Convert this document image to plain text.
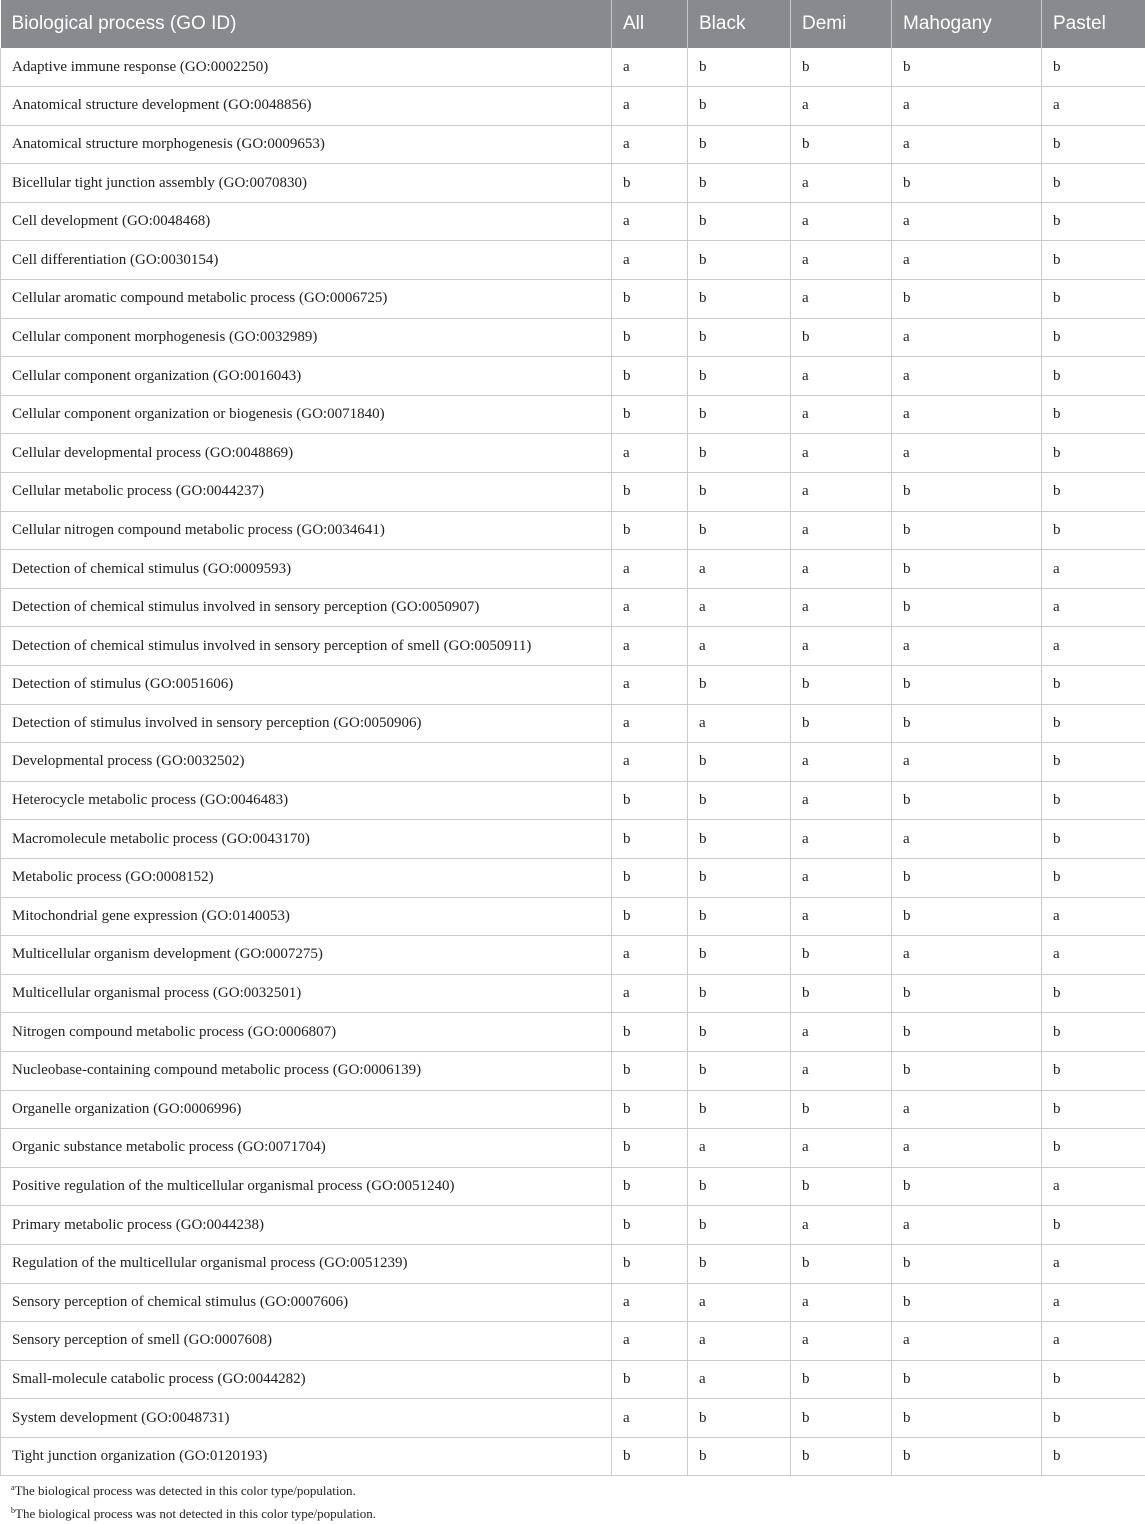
Biological process (GO ID)	All	Black	Demi	Mahogany	Pastel
Adaptive immune response (GO:0002250)	a	b	b	b	b
Anatomical structure development (GO:0048856)	a	b	a	a	a
Anatomical structure morphogenesis (GO:0009653)	a	b	b	a	b
Bicellular tight junction assembly (GO:0070830)	b	b	a	b	b
Cell development (GO:0048468)	a	b	a	a	b
Cell differentiation (GO:0030154)	a	b	a	a	b
Cellular aromatic compound metabolic process (GO:0006725)	b	b	a	b	b
Cellular component morphogenesis (GO:0032989)	b	b	b	a	b
Cellular component organization (GO:0016043)	b	b	a	a	b
Cellular component organization or biogenesis (GO:0071840)	b	b	a	a	b
Cellular developmental process (GO:0048869)	a	b	a	a	b
Cellular metabolic process (GO:0044237)	b	b	a	b	b
Cellular nitrogen compound metabolic process (GO:0034641)	b	b	a	b	b
Detection of chemical stimulus (GO:0009593)	a	a	a	b	a
Detection of chemical stimulus involved in sensory perception (GO:0050907)	a	a	a	b	a
Detection of chemical stimulus involved in sensory perception of smell (GO:0050911)	a	a	a	a	a
Detection of stimulus (GO:0051606)	a	b	b	b	b
Detection of stimulus involved in sensory perception (GO:0050906)	a	a	b	b	b
Developmental process (GO:0032502)	a	b	a	a	b
Heterocycle metabolic process (GO:0046483)	b	b	a	b	b
Macromolecule metabolic process (GO:0043170)	b	b	a	a	b
Metabolic process (GO:0008152)	b	b	a	b	b
Mitochondrial gene expression (GO:0140053)	b	b	a	b	a
Multicellular organism development (GO:0007275)	a	b	b	a	a
Multicellular organismal process (GO:0032501)	a	b	b	b	b
Nitrogen compound metabolic process (GO:0006807)	b	b	a	b	b
Nucleobase-containing compound metabolic process (GO:0006139)	b	b	a	b	b
Organelle organization (GO:0006996)	b	b	b	a	b
Organic substance metabolic process (GO:0071704)	b	a	a	a	b
Positive regulation of the multicellular organismal process (GO:0051240)	b	b	b	b	a
Primary metabolic process (GO:0044238)	b	b	a	a	b
Regulation of the multicellular organismal process (GO:0051239)	b	b	b	b	a
Sensory perception of chemical stimulus (GO:0007606)	a	a	a	b	a
Sensory perception of smell (GO:0007608)	a	a	a	a	a
Small-molecule catabolic process (GO:0044282)	b	a	b	b	b
System development (GO:0048731)	a	b	b	b	b
Tight junction organization (GO:0120193)	b	b	b	b	b
$^a$The biological process was detected in this color type/population.
$^b$The biological process was not detected in this color type/population.
